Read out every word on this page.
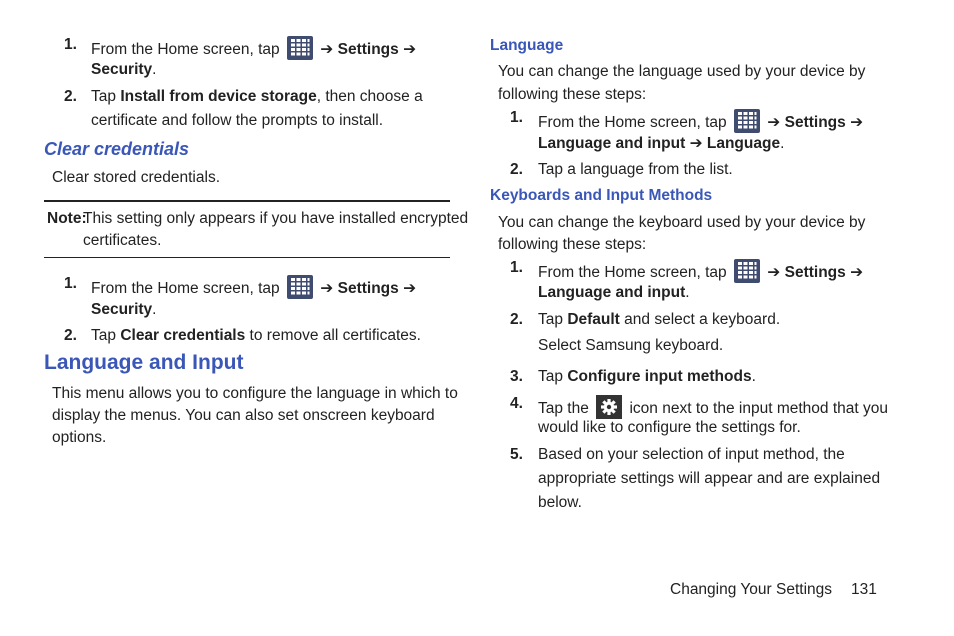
1. From the Home screen, tap	➔ Settings ➔
Security.
2. Tap Install from device storage, then choose a
certificate and follow the prompts to install.
Clear credentials
Clear stored credentials.
Note:
This setting only appears if you have installed encrypted
certificates.
1. From the Home screen, tap	➔ Settings ➔
Security.
2. Tap Clear credentials to remove all certificates.
Language and Input
This menu allows you to configure the language in which to
display the menus. You can also set onscreen keyboard
options.
Language
You can change the language used by your device by
following these steps:
1. From the Home screen, tap	➔ Settings ➔
Language and input ➔ Language.
2. Tap a language from the list.
Keyboards and Input Methods
You can change the keyboard used by your device by
following these steps:
1. From the Home screen, tap	➔ Settings ➔
Language and input.
2. Tap Default and select a keyboard.
Select Samsung keyboard.
3. Tap Configure input methods.
4. Tap the	icon next to the input method that you
would like to configure the settings for.
5. Based on your selection of input method, the
appropriate settings will appear and are explained
below.
Changing Your Settings 131
